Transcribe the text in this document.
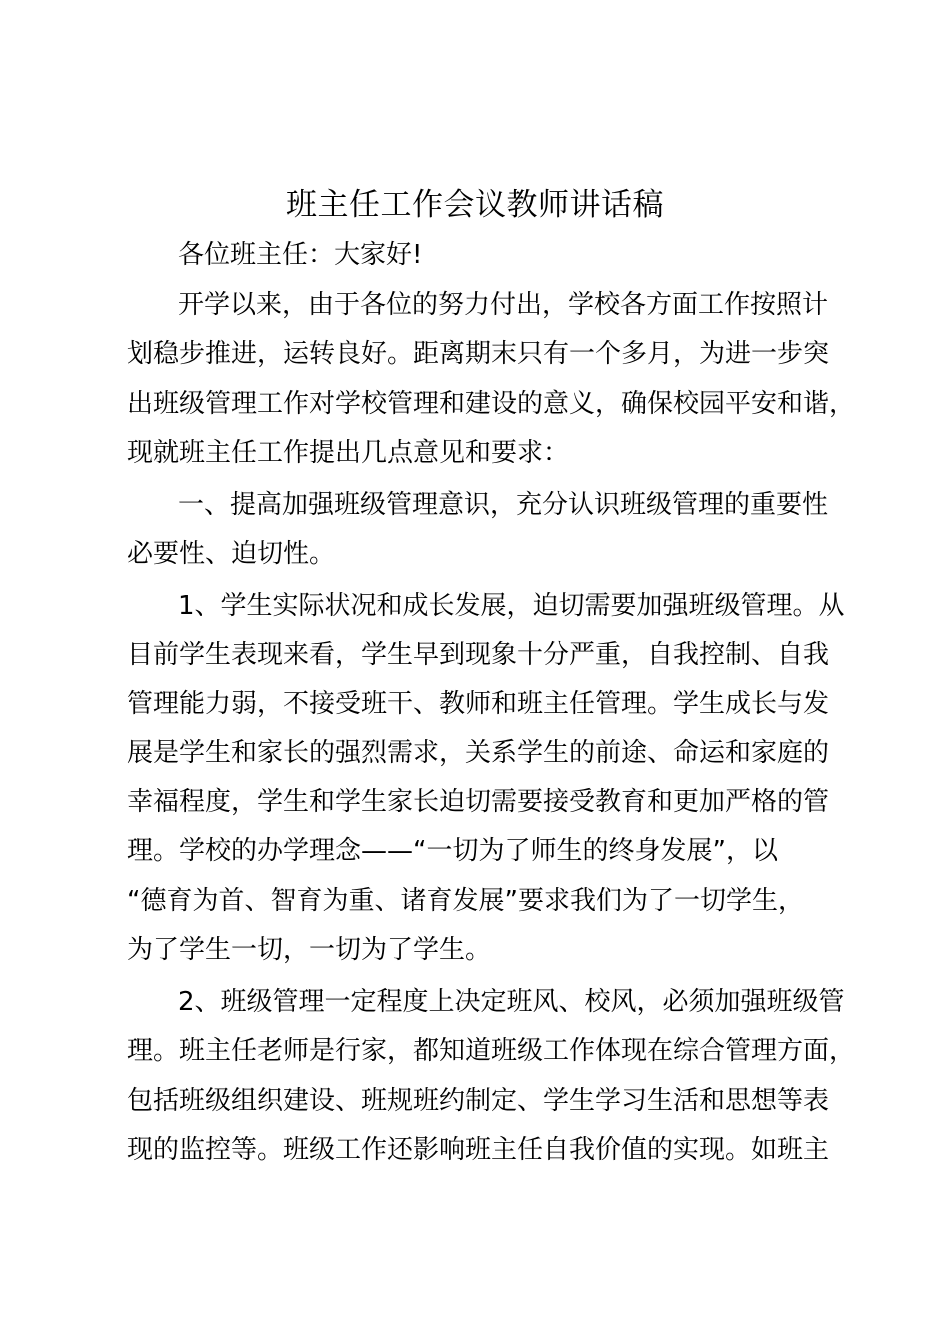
班主任工作会议教师讲话稿
各位班主任：大家好!
开学以来，由于各位的努力付出，学校各方面工作按照计
划稳步推进，运转良好。距离期末只有一个多月，为进一步突
出班级管理工作对学校管理和建设的意义，确保校园平安和谐，
现就班主任工作提出几点意见和要求：
一、提高加强班级管理意识，充分认识班级管理的重要性
必要性、迫切性。
1、学生实际状况和成长发展，迫切需要加强班级管理。从
目前学生表现来看，学生早到现象十分严重，自我控制、自我
管理能力弱，不接受班干、教师和班主任管理。学生成长与发
展是学生和家长的强烈需求，关系学生的前途、命运和家庭的
幸福程度，学生和学生家长迫切需要接受教育和更加严格的管
理。学校的办学理念——“一切为了师生的终身发展”，以
“德育为首、智育为重、诸育发展”要求我们为了一切学生，
为了学生一切，一切为了学生。
2、班级管理一定程度上决定班风、校风，必须加强班级管
理。班主任老师是行家，都知道班级工作体现在综合管理方面，
包括班级组织建设、班规班约制定、学生学习生活和思想等表
现的监控等。班级工作还影响班主任自我价值的实现。如班主
